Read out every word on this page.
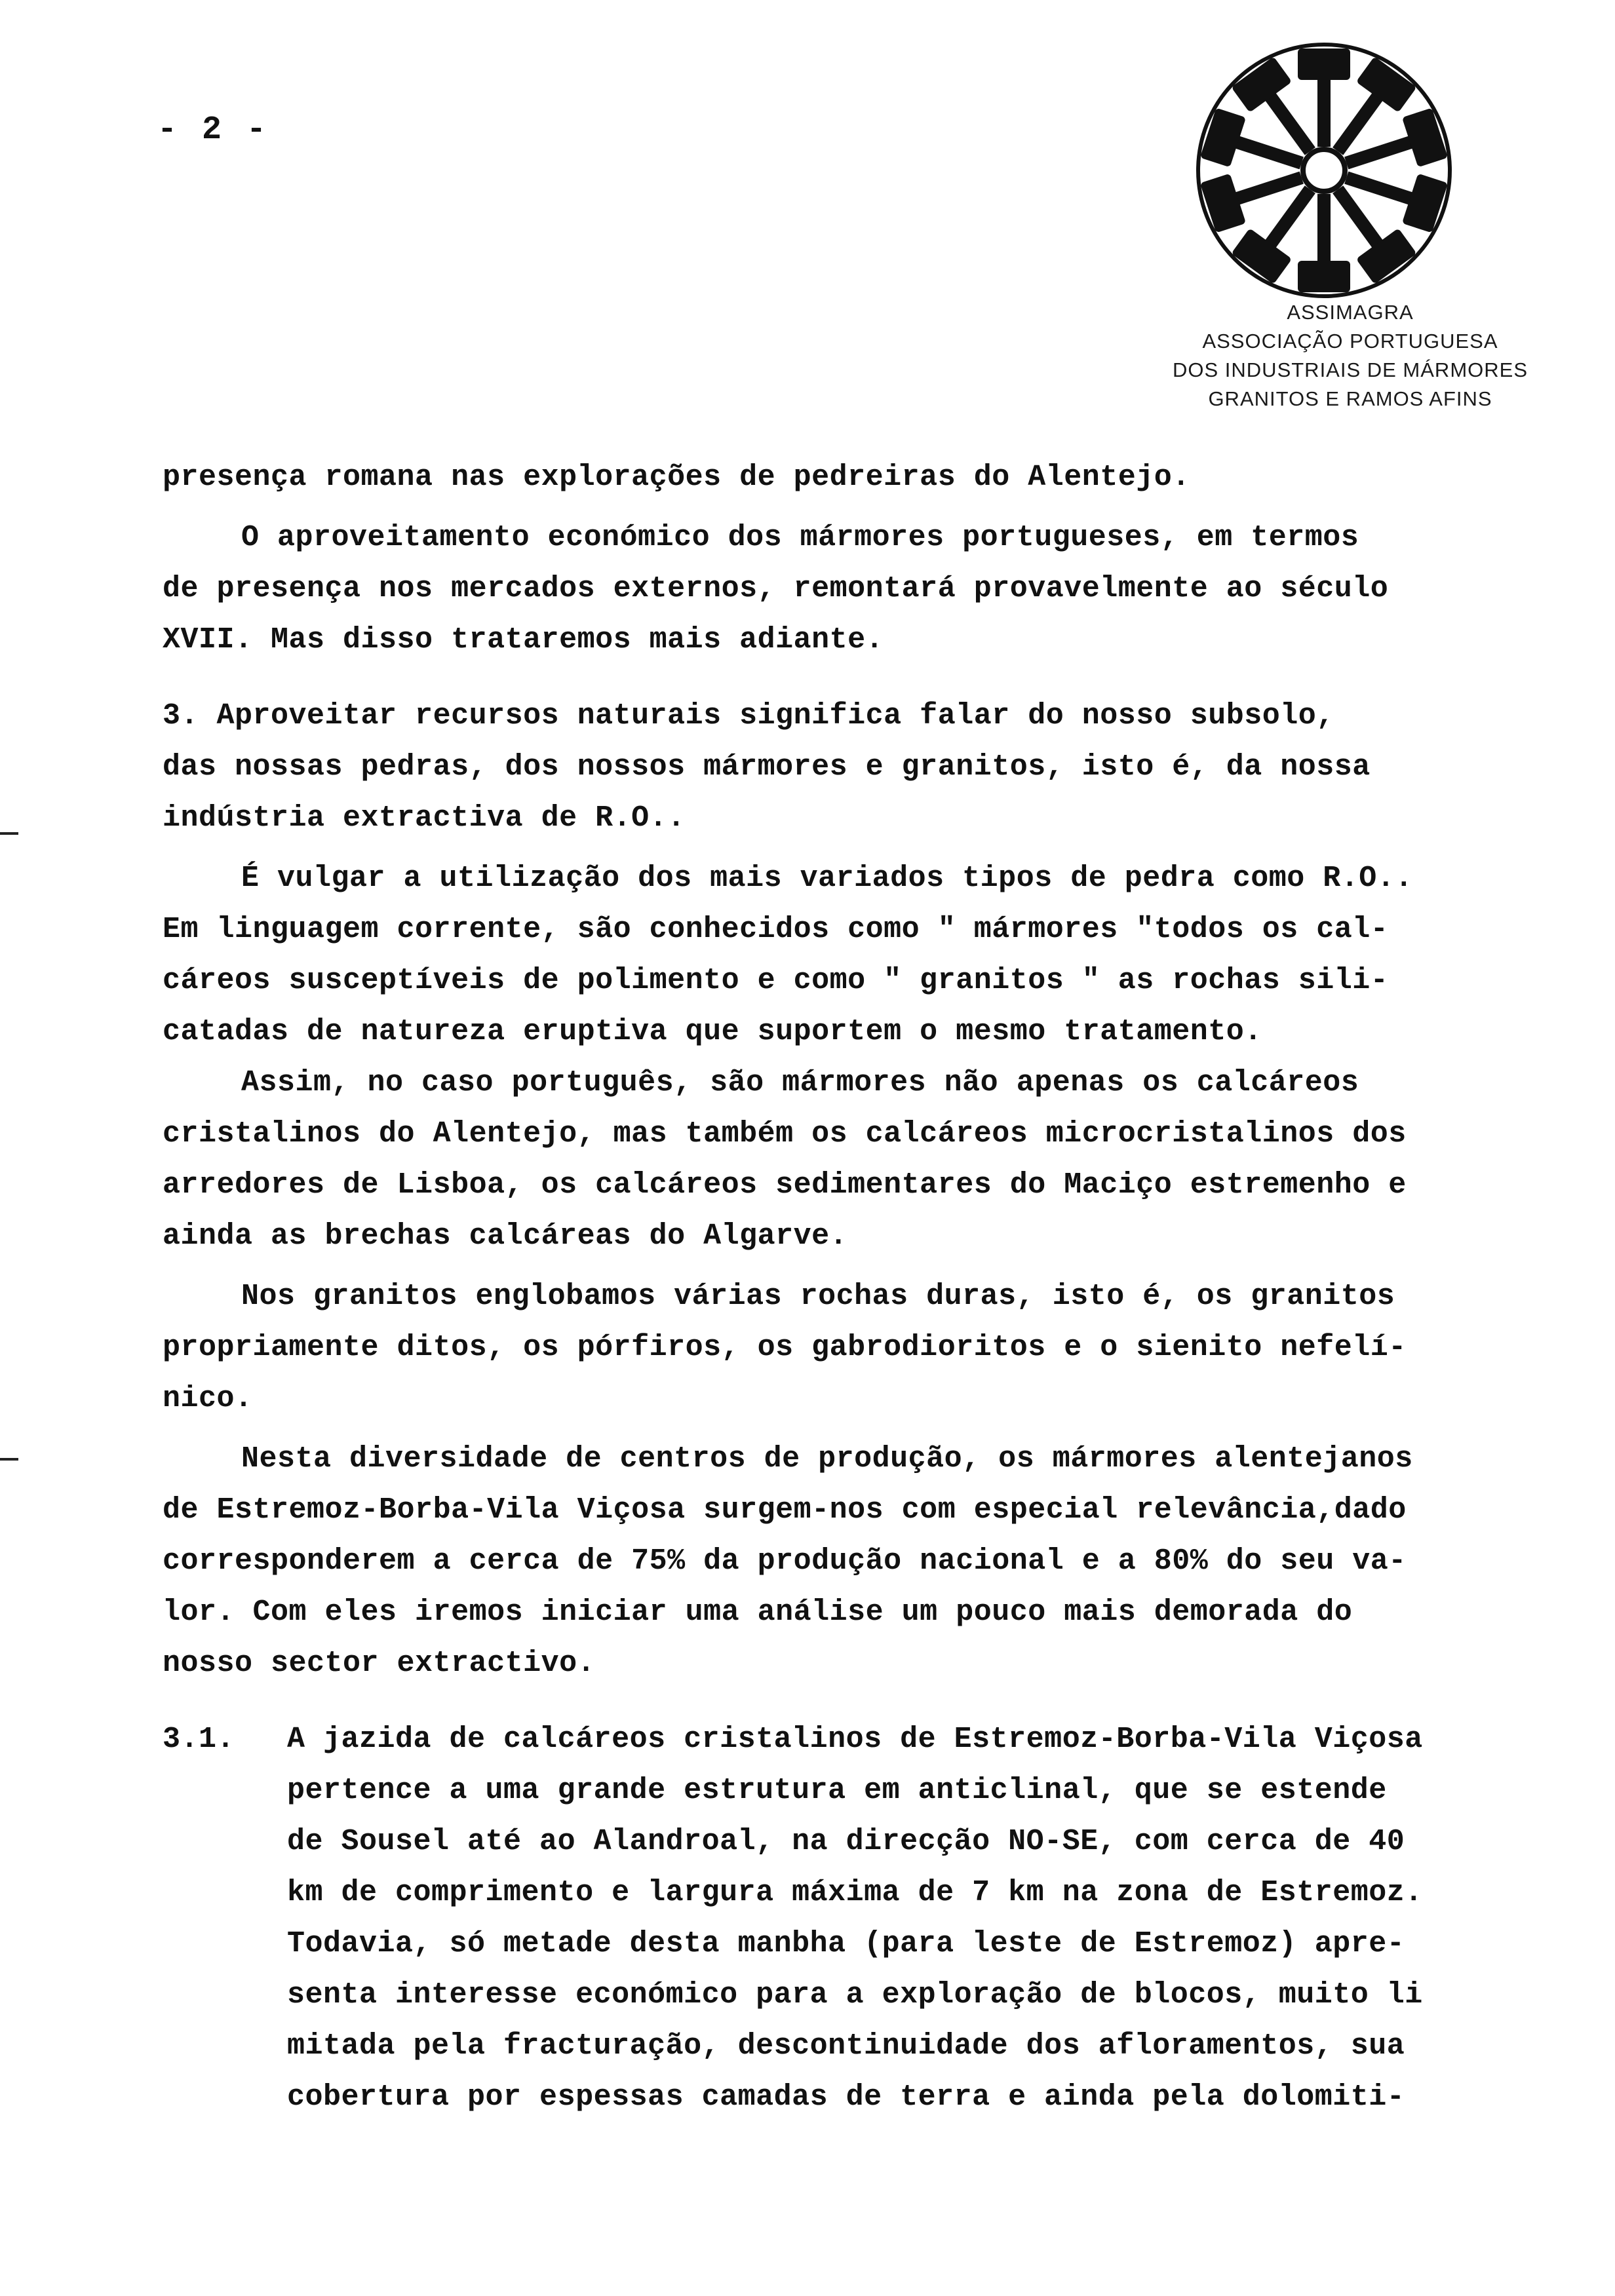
- 2 -
ASSIMAGRA
ASSOCIAÇÃO PORTUGUESA
DOS INDUSTRIAIS DE MÁRMORES
GRANITOS E RAMOS AFINS
presença romana nas explorações de pedreiras do Alentejo.
O aproveitamento económico dos mármores portugueses, em termos
de presença nos mercados externos, remontará provavelmente ao século
XVII. Mas disso trataremos mais adiante.
3. Aproveitar recursos naturais significa falar do nosso subsolo,
das nossas pedras, dos nossos mármores e granitos, isto é, da nossa
indústria extractiva de R.O..
É vulgar a utilização dos mais variados tipos de pedra como R.O..
Em linguagem corrente, são conhecidos como " mármores "todos os cal-
cáreos susceptíveis de polimento e como " granitos " as rochas sili-
catadas de natureza eruptiva que suportem o mesmo tratamento.
Assim, no caso português, são mármores não apenas os calcáreos
cristalinos do Alentejo, mas também os calcáreos microcristalinos dos
arredores de Lisboa, os calcáreos sedimentares do Maciço estremenho e
ainda as brechas calcáreas do Algarve.
Nos granitos englobamos várias rochas duras, isto é, os granitos
propriamente ditos, os pórfiros, os gabrodioritos e o sienito nefelí-
nico.
Nesta diversidade de centros de produção, os mármores alentejanos
de Estremoz-Borba-Vila Viçosa surgem-nos com especial relevância,dado
corresponderem a cerca de 75% da produção nacional e a 80% do seu va-
lor. Com eles iremos iniciar uma análise um pouco mais demorada do
nosso sector extractivo.
3.1. A jazida de calcáreos cristalinos de Estremoz-Borba-Vila Viçosa
pertence a uma grande estrutura em anticlinal, que se estende
de Sousel até ao Alandroal, na direcção NO-SE, com cerca de 40
km de comprimento e largura máxima de 7 km na zona de Estremoz.
Todavia, só metade desta manbha (para leste de Estremoz) apre-
senta interesse económico para a exploração de blocos, muito li
mitada pela fracturação, descontinuidade dos afloramentos, sua
cobertura por espessas camadas de terra e ainda pela dolomiti-
